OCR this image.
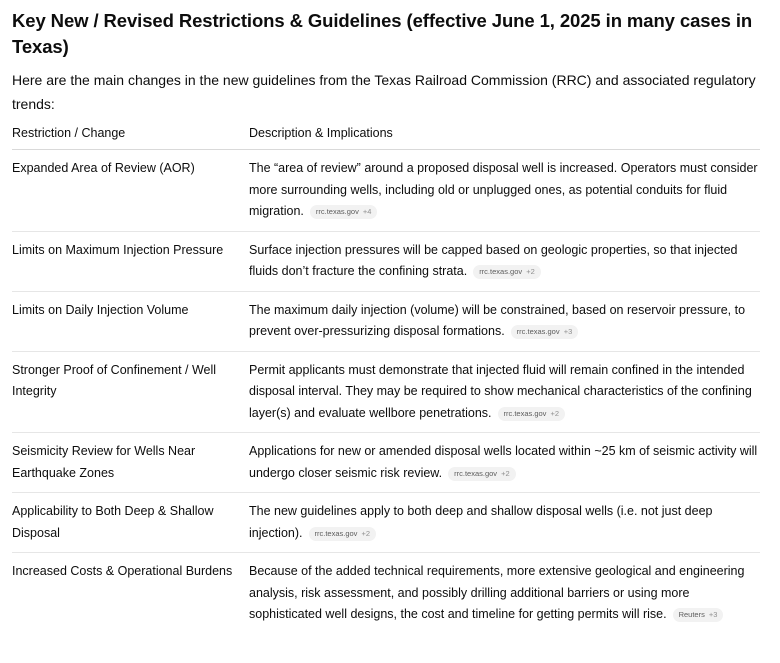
Key New / Revised Restrictions & Guidelines (effective June 1, 2025 in many cases in Texas)

Here are the main changes in the new guidelines from the Texas Railroad Commission (RRC) and associated regulatory trends:

Restriction / Change	Description & Implications
Expanded Area of Review (AOR)	The “area of review” around a proposed disposal well is increased. Operators must consider more surrounding wells, including old or unplugged ones, as potential conduits for fluid migration. rrc.texas.gov +4
Limits on Maximum Injection Pressure	Surface injection pressures will be capped based on geologic properties, so that injected fluids don’t fracture the confining strata. rrc.texas.gov +2
Limits on Daily Injection Volume	The maximum daily injection (volume) will be constrained, based on reservoir pressure, to prevent over-pressurizing disposal formations. rrc.texas.gov +3
Stronger Proof of Confinement / Well Integrity	Permit applicants must demonstrate that injected fluid will remain confined in the intended disposal interval. They may be required to show mechanical characteristics of the confining layer(s) and evaluate wellbore penetrations. rrc.texas.gov +2
Seismicity Review for Wells Near Earthquake Zones	Applications for new or amended disposal wells located within ~25 km of seismic activity will undergo closer seismic risk review. rrc.texas.gov +2
Applicability to Both Deep & Shallow Disposal	The new guidelines apply to both deep and shallow disposal wells (i.e. not just deep injection). rrc.texas.gov +2
Increased Costs & Operational Burdens	Because of the added technical requirements, more extensive geological and engineering analysis, risk assessment, and possibly drilling additional barriers or using more sophisticated well designs, the cost and timeline for getting permits will rise. Reuters +3
